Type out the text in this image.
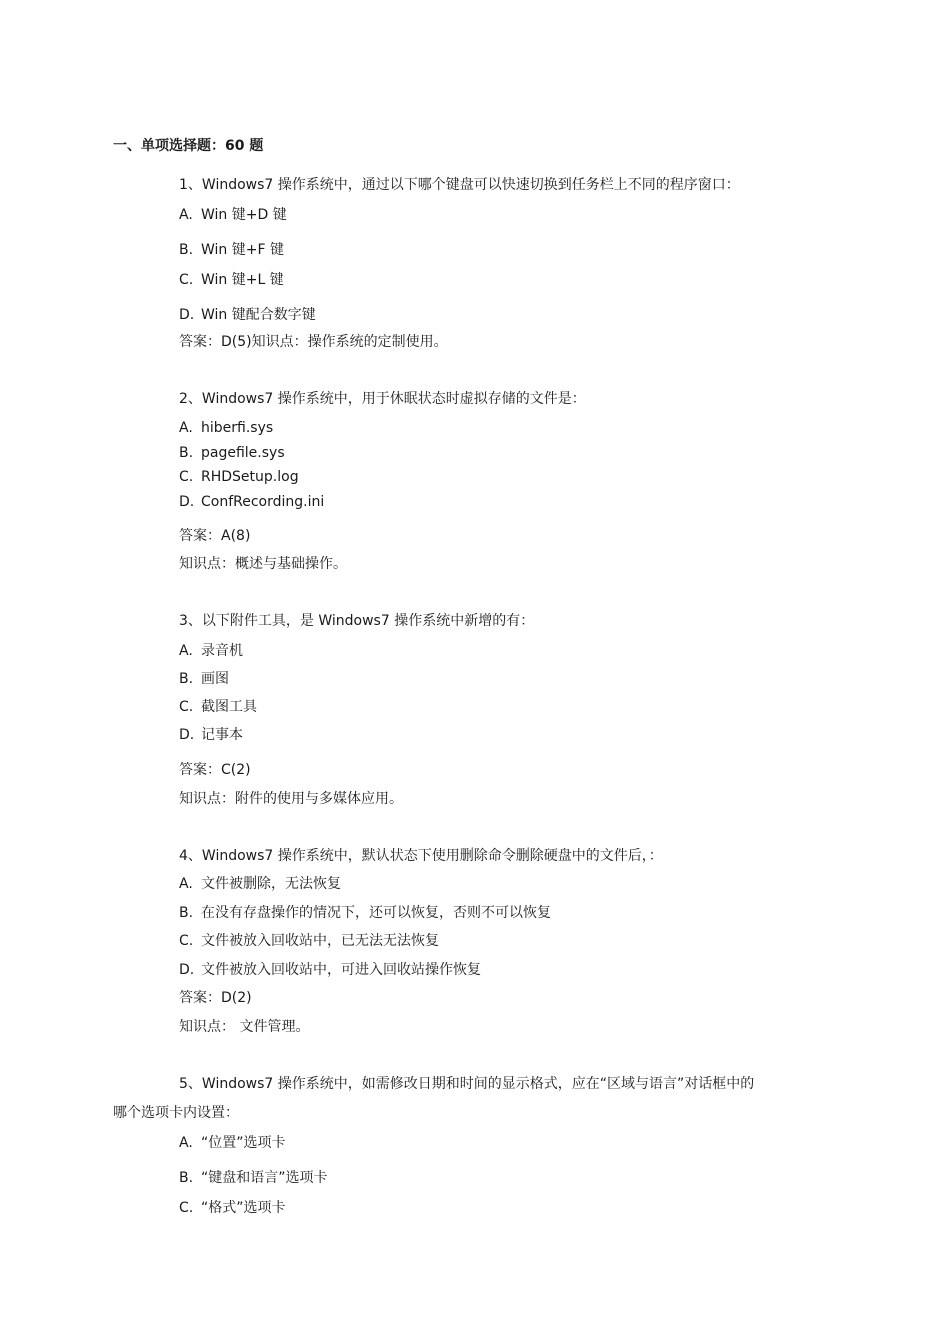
一、单项选择题：60 题
1、Windows7 操作系统中，通过以下哪个键盘可以快速切换到任务栏上不同的程序窗口：
A. Win 键+D 键
B. Win 键+F 键
C. Win 键+L 键
D. Win 键配合数字键
答案：D(5)知识点：操作系统的定制使用。
2、Windows7 操作系统中，用于休眠状态时虚拟存储的文件是：
A. hiberfi.sys
B. pagefile.sys
C. RHDSetup.log
D. ConfRecording.ini
答案：A(8)
知识点：概述与基础操作。
3、以下附件工具，是 Windows7 操作系统中新增的有：
A. 录音机
B. 画图
C. 截图工具
D. 记事本
答案：C(2)
知识点：附件的使用与多媒体应用。
4、Windows7 操作系统中，默认状态下使用删除命令删除硬盘中的文件后，：
A. 文件被删除，无法恢复
B. 在没有存盘操作的情况下，还可以恢复，否则不可以恢复
C. 文件被放入回收站中，已无法无法恢复
D. 文件被放入回收站中，可进入回收站操作恢复
答案：D(2)
知识点： 文件管理。
5、Windows7 操作系统中，如需修改日期和时间的显示格式，应在“区域与语言”对话框中的
哪个选项卡内设置：
A. “位置”选项卡
B. “键盘和语言”选项卡
C. “格式”选项卡
